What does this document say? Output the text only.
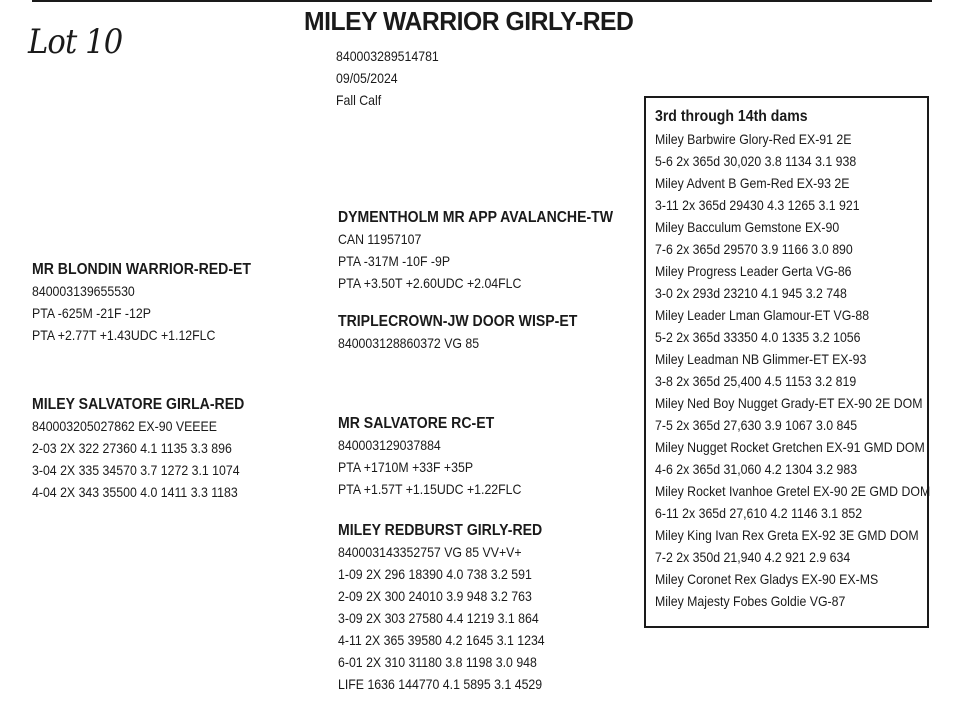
Lot 10
MILEY WARRIOR GIRLY-RED
840003289514781
09/05/2024
Fall Calf
MR BLONDIN WARRIOR-RED-ET
840003139655530
PTA -625M -21F -12P
PTA +2.77T +1.43UDC +1.12FLC
MILEY SALVATORE GIRLA-RED
840003205027862 EX-90 VEEEE
2-03 2X 322 27360 4.1 1135 3.3 896
3-04 2X 335 34570 3.7 1272 3.1 1074
4-04 2X 343 35500 4.0 1411 3.3 1183
DYMENTHOLM MR APP AVALANCHE-TW
CAN 11957107
PTA -317M -10F -9P
PTA +3.50T +2.60UDC +2.04FLC
TRIPLECROWN-JW DOOR WISP-ET
840003128860372 VG 85
MR SALVATORE RC-ET
840003129037884
PTA +1710M +33F +35P
PTA +1.57T +1.15UDC +1.22FLC
MILEY REDBURST GIRLY-RED
840003143352757 VG 85 VV+V+
1-09 2X 296 18390 4.0 738 3.2 591
2-09 2X 300 24010 3.9 948 3.2 763
3-09 2X 303 27580 4.4 1219 3.1 864
4-11 2X 365 39580 4.2 1645 3.1 1234
6-01 2X 310 31180 3.8 1198 3.0 948
LIFE 1636 144770 4.1 5895 3.1 4529
3rd through 14th dams
Miley Barbwire Glory-Red EX-91 2E
5-6 2x 365d 30,020 3.8 1134 3.1 938
Miley Advent B Gem-Red EX-93 2E
3-11 2x 365d 29430 4.3 1265 3.1 921
Miley Bacculum Gemstone EX-90
7-6 2x 365d 29570 3.9 1166 3.0 890
Miley Progress Leader Gerta VG-86
3-0 2x 293d 23210 4.1 945 3.2 748
Miley Leader Lman Glamour-ET VG-88
5-2 2x 365d 33350 4.0 1335 3.2 1056
Miley Leadman NB Glimmer-ET EX-93
3-8 2x 365d 25,400 4.5 1153 3.2 819
Miley Ned Boy Nugget Grady-ET EX-90 2E DOM
7-5 2x 365d 27,630 3.9 1067 3.0 845
Miley Nugget Rocket Gretchen EX-91 GMD DOM
4-6 2x 365d 31,060 4.2 1304 3.2 983
Miley Rocket Ivanhoe Gretel EX-90 2E GMD DOM
6-11 2x 365d 27,610 4.2 1146 3.1 852
Miley King Ivan Rex Greta EX-92 3E GMD DOM
7-2 2x 350d 21,940 4.2 921 2.9 634
Miley Coronet Rex Gladys EX-90 EX-MS
Miley Majesty Fobes Goldie VG-87
